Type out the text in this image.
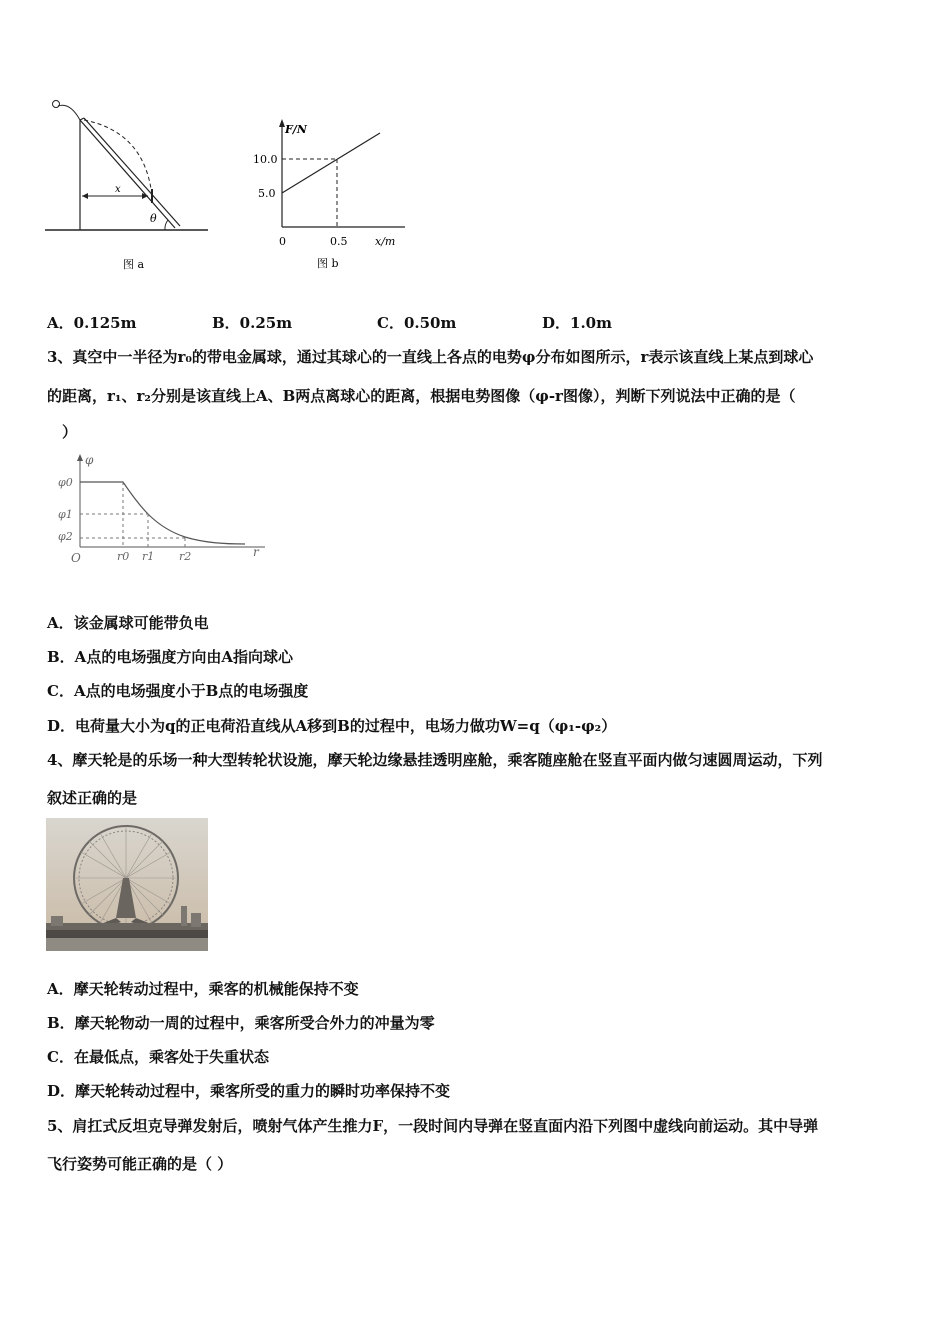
x
θ
图 a
F/N
10.0
5.0
0	0.5	x/m
图 b
A．0.125m	B．0.25m	C．0.50m	D．1.0m
3、真空中一半径为r₀的带电金属球，通过其球心的一直线上各点的电势φ分布如图所示，r表示该直线上某点到球心
的距离，r₁、r₂分别是该直线上A、B两点离球心的距离，根据电势图像（φ-r图像），判断下列说法中正确的是（
）
φ
φ0
φ1
φ2
O	r0 r1 r2	r
A．该金属球可能带负电
B．A点的电场强度方向由A指向球心
C．A点的电场强度小于B点的电场强度
D．电荷量大小为q的正电荷沿直线从A移到B的过程中，电场力做功W=q（φ₁-φ₂）
4、摩天轮是的乐场一种大型转轮状设施，摩天轮边缘悬挂透明座舱，乘客随座舱在竖直平面内做匀速圆周运动，下列
叙述正确的是
A．摩天轮转动过程中，乘客的机械能保持不变
B．摩天轮物动一周的过程中，乘客所受合外力的冲量为零
C．在最低点，乘客处于失重状态
D．摩天轮转动过程中，乘客所受的重力的瞬时功率保持不变
5、肩扛式反坦克导弹发射后，喷射气体产生推力F，一段时间内导弹在竖直面内沿下列图中虚线向前运动。其中导弹
飞行姿势可能正确的是（ ）
